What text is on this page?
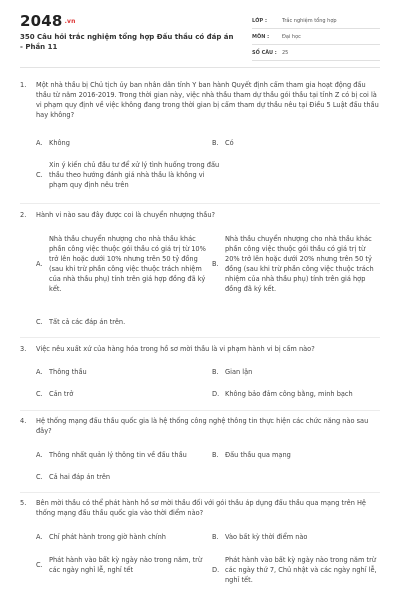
2048 .vn
350 Câu hỏi trắc nghiệm tổng hợp Đấu thầu có đáp án - Phần 11
LỚP :	Trắc nghiệm tổng hợp
MÔN :	Đại học
SỐ CÂU :	25
1.	Một nhà thầu bị Chủ tịch ủy ban nhân dân tỉnh Y ban hành Quyết định cấm tham gia hoạt động đấu thầu từ năm 2016-2019. Trong thời gian này, việc nhà thầu tham dự thầu gói thầu tại tỉnh Z có bị coi là vi phạm quy định về việc không đang trong thời gian bị cấm tham dự thầu nêu tại Điều 5 Luật đấu thầu hay không?
A. Không	B. Có
C.
Xin ý kiến chủ đầu tư để xử lý tình huống trong đấu thầu theo hướng đánh giá nhà thầu là không vi phạm quy định nêu trên
2.	Hành vi nào sau đây được coi là chuyển nhượng thầu?
A.
Nhà thầu chuyển nhượng cho nhà thầu khác phần công việc thuộc gói thầu có giá trị từ 10% trở lên hoặc dưới 10% nhưng trên 50 tỷ đồng (sau khi trừ phần công việc thuộc trách nhiệm của nhà thầu phụ) tính trên giá hợp đồng đã ký kết.
B.
Nhà thầu chuyển nhượng cho nhà thầu khác phần công việc thuộc gói thầu có giá trị từ 20% trở lên hoặc dưới 20% nhưng trên 50 tỷ đồng (sau khi trừ phần công việc thuộc trách nhiệm của nhà thầu phụ) tính trên giá hợp đồng đã ký kết.
C. Tất cả các đáp án trên.
3.	Việc nêu xuất xứ của hàng hóa trong hồ sơ mời thầu là vi phạm hành vi bị cấm nào?
A. Thông thầu	B. Gian lận
C. Cản trở	D. Không bảo đảm công bằng, minh bạch
4.	Hệ thống mạng đấu thầu quốc gia là hệ thống công nghệ thông tin thực hiện các chức năng nào sau đây?
A. Thông nhất quản lý thông tin về đấu thầu	B. Đấu thầu qua mạng
C. Cả hai đáp án trên
5.	Bên mời thầu có thể phát hành hồ sơ mời thầu đối với gói thầu áp dụng đấu thầu qua mạng trên Hệ thống mạng đấu thầu quốc gia vào thời điểm nào?
A. Chỉ phát hành trong giờ hành chính	B. Vào bất kỳ thời điểm nào
C.
Phát hành vào bất kỳ ngày nào trong năm, trừ các ngày nghỉ lễ, nghỉ tết	D.
Phát hành vào bất kỳ ngày nào trong năm trừ các ngày thứ 7, Chủ nhật và các ngày nghỉ lễ, nghỉ tết.
